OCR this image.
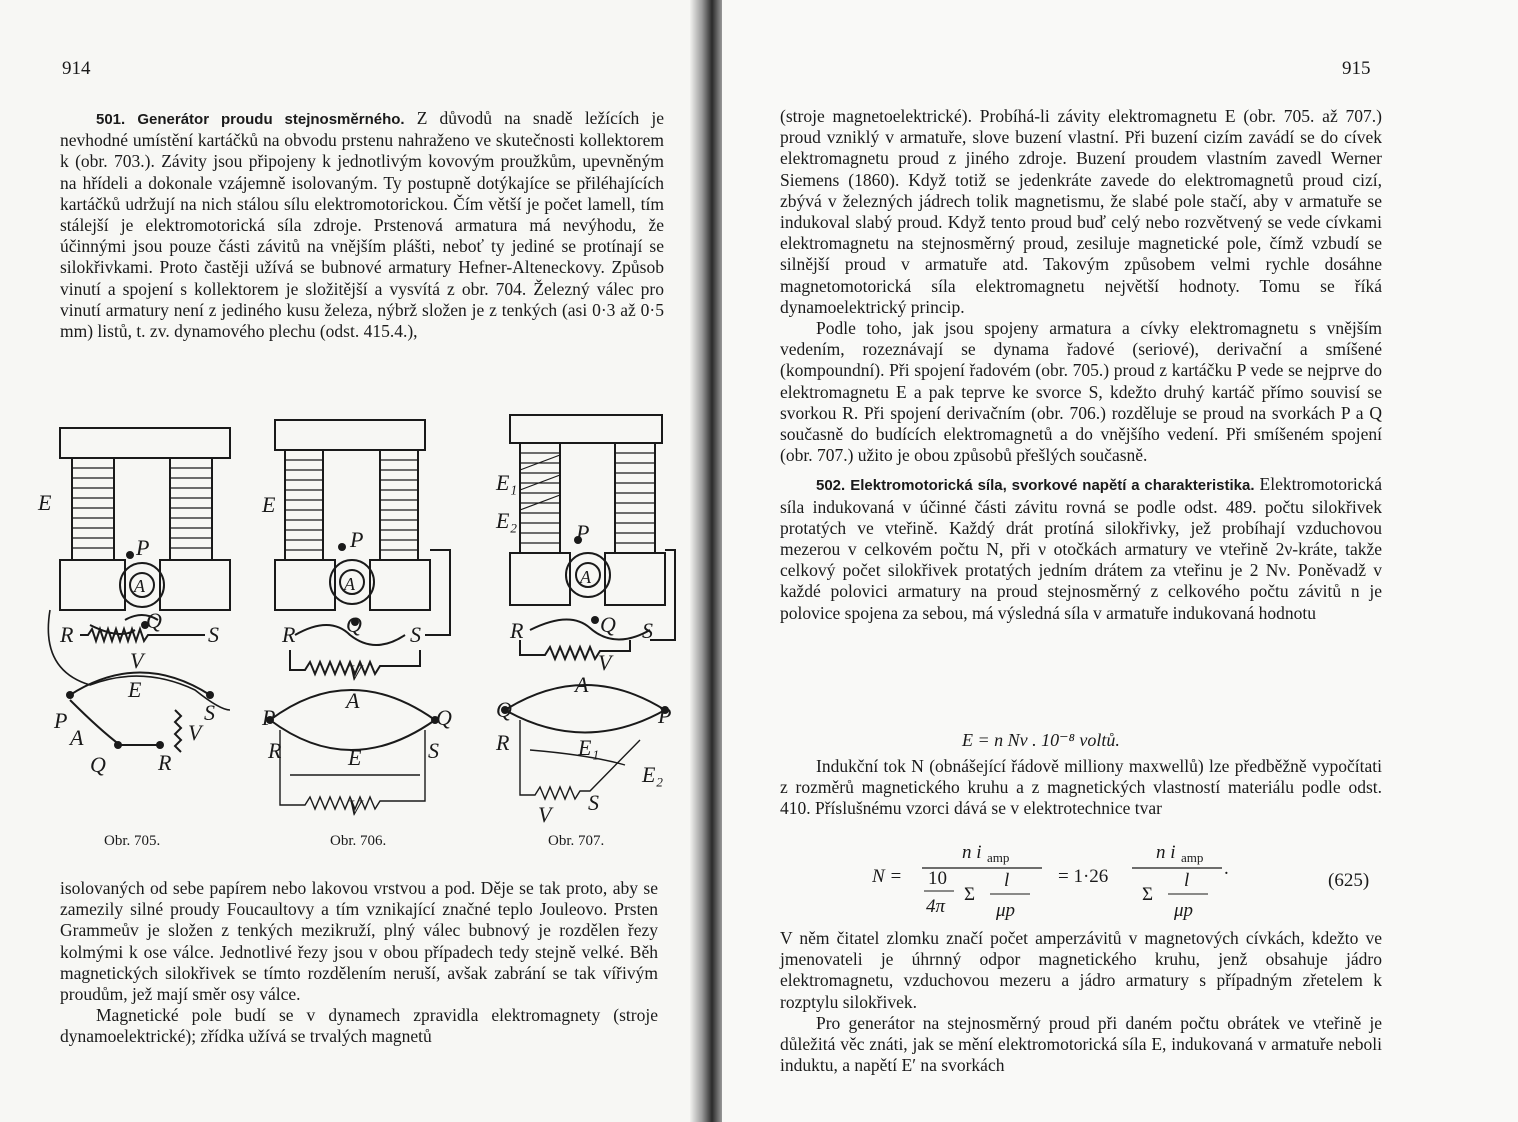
914

501. Generátor proudu stejnosměrného. Z důvodů na snadě ležících je nevhodné umístění kartáčků na obvodu prstenu nahraženo ve skutečnosti kollektorem k (obr. 703.). Závity jsou připojeny k jednotlivým kovovým proužkům, upevněným na hřídeli a dokonale vzájemně isolovaným. Ty postupně dotýkajíce se přiléhajících kartáčků udržují na nich stálou sílu elektromotorickou. Čím větší je počet lamell, tím stálejší je elektromotorická síla zdroje. Prstenová armatura má nevýhodu, že účinnými jsou pouze části závitů na vnějším plášti, neboť ty jediné se protínají se silokřivkami. Proto častěji užívá se bubnové armatury Hefner-Alteneckovy. Způsob vinutí a spojení s kollektorem je složitější a vysvítá z obr. 704. Železný válec pro vinutí armatury není z jediného kusu železa, nýbrž složen je z tenkých (asi 0·3 až 0·5 mm) listů, t. zv. dynamového plechu (odst. 415.4.),

E
P
A
Q
R	S
V
E
P
A
S
V
Q R
E
P
A
Q
R	S
V
P
A
Q
R	E	S
V
E₁
E₂	P
A
Q
R	S
V
Q
A
P
R	E₁
E₂
V S
Obr. 705.	Obr. 706.	Obr. 707.

isolovaných od sebe papírem nebo lakovou vrstvou a pod. Děje se tak proto, aby se zamezily silné proudy Foucaultovy a tím vznikající značné teplo Jouleovo. Prsten Grammeův je složen z tenkých mezikruží, plný válec bubnový je rozdělen řezy kolmými k ose válce. Jednotlivé řezy jsou v obou případech tedy stejně velké. Běh magnetických silokřivek se tímto rozdělením neruší, avšak zabrání se tak vířivým proudům, jež mají směr osy válce.

Magnetické pole budí se v dynamech zpravidla elektromagnety (stroje dynamoelektrické); zřídka užívá se trvalých magnetů

915

(stroje magnetoelektrické). Probíhá-li závity elektromagnetu E (obr. 705. až 707.) proud vzniklý v armatuře, slove buzení vlastní. Při buzení cizím zavádí se do cívek elektromagnetu proud z jiného zdroje. Buzení proudem vlastním zavedl Werner Siemens (1860). Když totiž se jedenkráte zavede do elektromagnetů proud cizí, zbývá v železných jádrech tolik magnetismu, že slabé pole stačí, aby v armatuře se indukoval slabý proud. Když tento proud buď celý nebo rozvětvený se vede cívkami elektromagnetu na stejnosměrný proud, zesiluje magnetické pole, čímž vzbudí se silnější proud v armatuře atd. Takovým způsobem velmi rychle dosáhne magnetomotorická síla elektromagnetu největší hodnoty. Tomu se říká dynamoelektrický princip.

Podle toho, jak jsou spojeny armatura a cívky elektromagnetu s vnějším vedením, rozeznávají se dynama řadové (seriové), derivační a smíšené (kompoundní). Při spojení řadovém (obr. 705.) proud z kartáčku P vede se nejprve do elektromagnetu E a pak teprve ke svorce S, kdežto druhý kartáč přímo souvisí se svorkou R. Při spojení derivačním (obr. 706.) rozděluje se proud na svorkách P a Q současně do budících elektromagnetů a do vnějšího vedení. Při smíšeném spojení (obr. 707.) užito je obou způsobů přešlých současně.

502. Elektromotorická síla, svorkové napětí a charakteristika. Elektromotorická síla indukovaná v účinné části závitu rovná se podle odst. 489. počtu silokřivek protatých ve vteřině. Každý drát protíná silokřivky, jež probíhají vzduchovou mezerou v celkovém počtu N, při ν otočkách armatury ve vteřině 2ν-kráte, takže celkový počet silokřivek protatých jedním drátem za vteřinu je 2 Nν. Poněvadž v každé polovici armatury na proud stejnosměrný z celkového počtu závitů n je polovice spojena za sebou, má výsledná síla v armatuře indukovaná hodnotu

E = n Nν . 10⁻⁸ voltů.

Indukční tok N (obnášející řádově milliony maxwellů) lze předběžně vypočítati z rozměrů magnetického kruhu a z magnetických vlastností materiálu podle odst. 410. Příslušnému vzorci dává se v elektrotechnice tvar

N =
n i amp
10
4π
Σ
l
μp
= 1·26
n i amp
Σ
l
μp
.
(625)

V něm čitatel zlomku značí počet amperzávitů v magnetových cívkách, kdežto ve jmenovateli je úhrnný odpor magnetického kruhu, jenž obsahuje jádro elektromagnetu, vzduchovou mezeru a jádro armatury s případným zřetelem k rozptylu silokřivek.

Pro generátor na stejnosměrný proud při daném počtu obrátek ve vteřině je důležitá věc znáti, jak se mění elektromotorická síla E, indukovaná v armatuře neboli induktu, a napětí E′ na svorkách
